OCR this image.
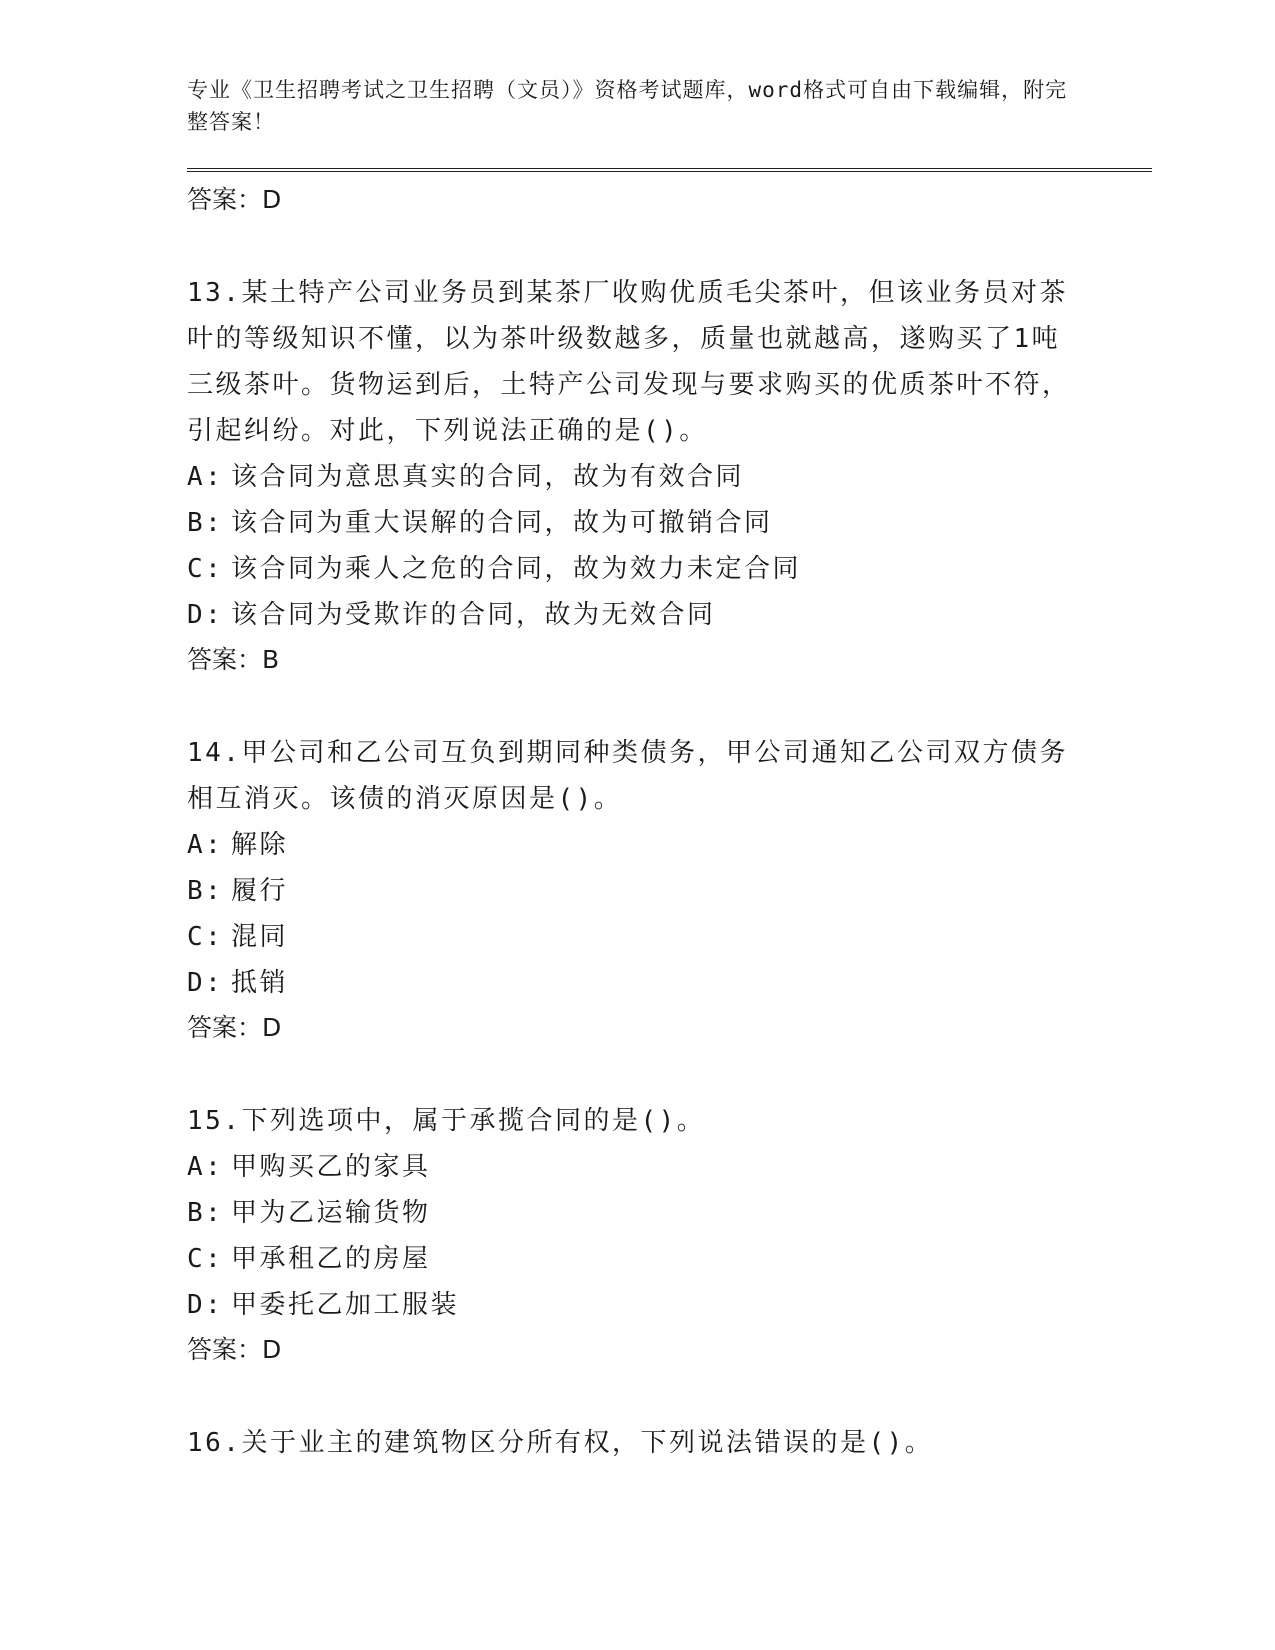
专业《卫生招聘考试之卫生招聘（文员）》资格考试题库，word格式可自由下载编辑，附完整答案！
答案：D
13.某土特产公司业务员到某茶厂收购优质毛尖茶叶，但该业务员对茶叶的等级知识不懂，以为茶叶级数越多，质量也就越高，遂购买了1吨三级茶叶。货物运到后，土特产公司发现与要求购买的优质茶叶不符，引起纠纷。对此，下列说法正确的是()。
A: 该合同为意思真实的合同，故为有效合同
B: 该合同为重大误解的合同，故为可撤销合同
C: 该合同为乘人之危的合同，故为效力未定合同
D: 该合同为受欺诈的合同，故为无效合同
答案：B
14.甲公司和乙公司互负到期同种类债务，甲公司通知乙公司双方债务相互消灭。该债的消灭原因是()。
A: 解除
B: 履行
C: 混同
D: 抵销
答案：D
15.下列选项中，属于承揽合同的是()。
A: 甲购买乙的家具
B: 甲为乙运输货物
C: 甲承租乙的房屋
D: 甲委托乙加工服装
答案：D
16.关于业主的建筑物区分所有权，下列说法错误的是()。
